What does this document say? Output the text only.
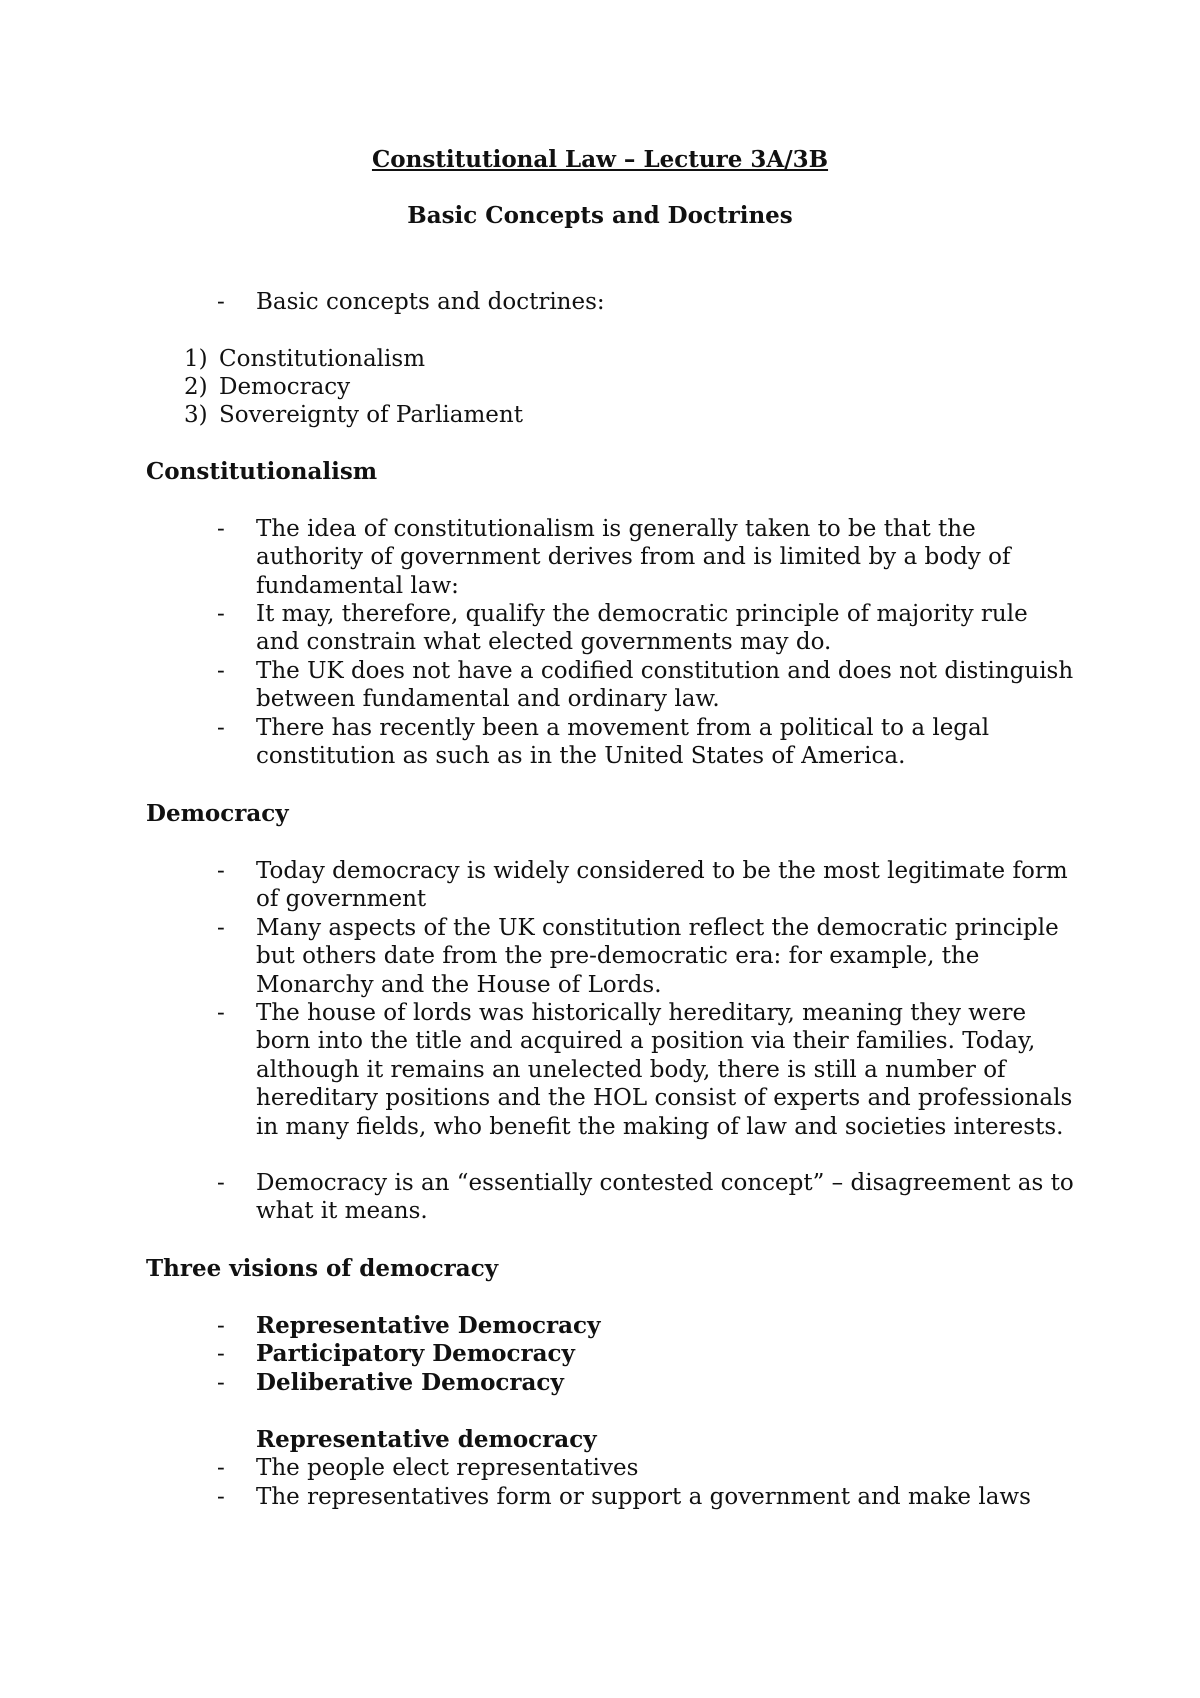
Constitutional Law – Lecture 3A/3B
Basic Concepts and Doctrines
- Basic concepts and doctrines:
1) Constitutionalism
2) Democracy
3) Sovereignty of Parliament
Constitutionalism
- The idea of constitutionalism is generally taken to be that the authority of government derives from and is limited by a body of fundamental law:
- It may, therefore, qualify the democratic principle of majority rule and constrain what elected governments may do.
- The UK does not have a codified constitution and does not distinguish between fundamental and ordinary law.
- There has recently been a movement from a political to a legal constitution as such as in the United States of America.
Democracy
- Today democracy is widely considered to be the most legitimate form of government
- Many aspects of the UK constitution reflect the democratic principle but others date from the pre-democratic era: for example, the Monarchy and the House of Lords.
- The house of lords was historically hereditary, meaning they were born into the title and acquired a position via their families. Today, although it remains an unelected body, there is still a number of hereditary positions and the HOL consist of experts and professionals in many fields, who benefit the making of law and societies interests.
- Democracy is an “essentially contested concept” – disagreement as to what it means.
Three visions of democracy
- Representative Democracy
- Participatory Democracy
- Deliberative Democracy
Representative democracy
- The people elect representatives
- The representatives form or support a government and make laws
